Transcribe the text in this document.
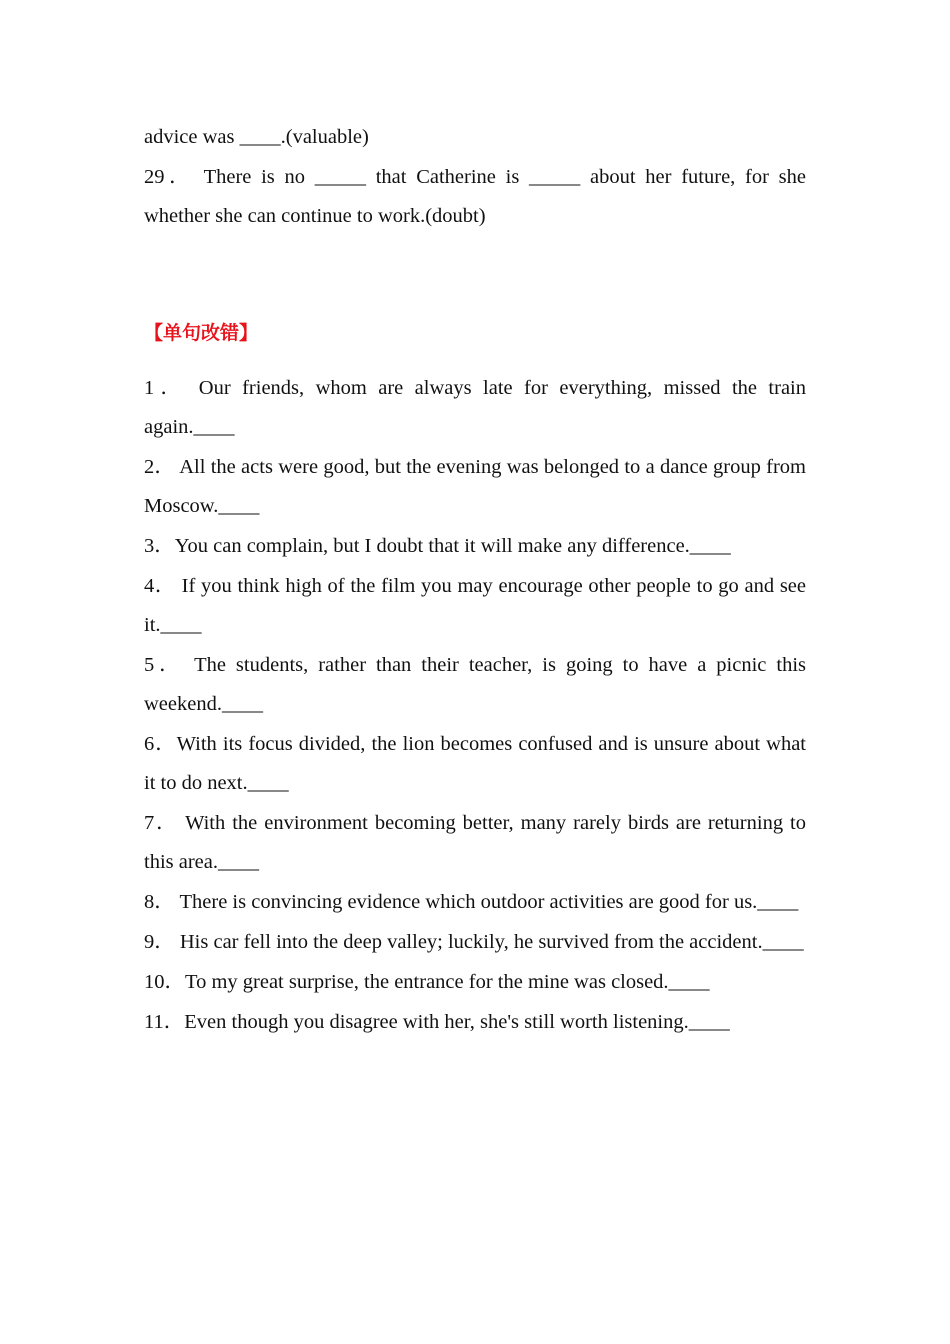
advice was ____.(valuable)

29． There is no _____ that Catherine is _____ about her future, for she whether she can continue to work.(doubt)

【单句改错】

1． Our friends, whom are always late for everything, missed the train again.____

2． All the acts were good, but the evening was belonged to a dance group from Moscow.____

3．You can complain, but I doubt that it will make any difference.____

4． If you think high of the film you may encourage other people to go and see it.____

5． The students, rather than their teacher, is going to have a picnic this weekend.____

6．With its focus divided, the lion becomes confused and is unsure about what it to do next.____

7． With the environment becoming better, many rarely birds are returning to this area.____

8． There is convincing evidence which outdoor activities are good for us.____

9． His car fell into the deep valley; luckily, he survived from the accident.____

10．To my great surprise, the entrance for the mine was closed.____

11．Even though you disagree with her, she's still worth listening.____
